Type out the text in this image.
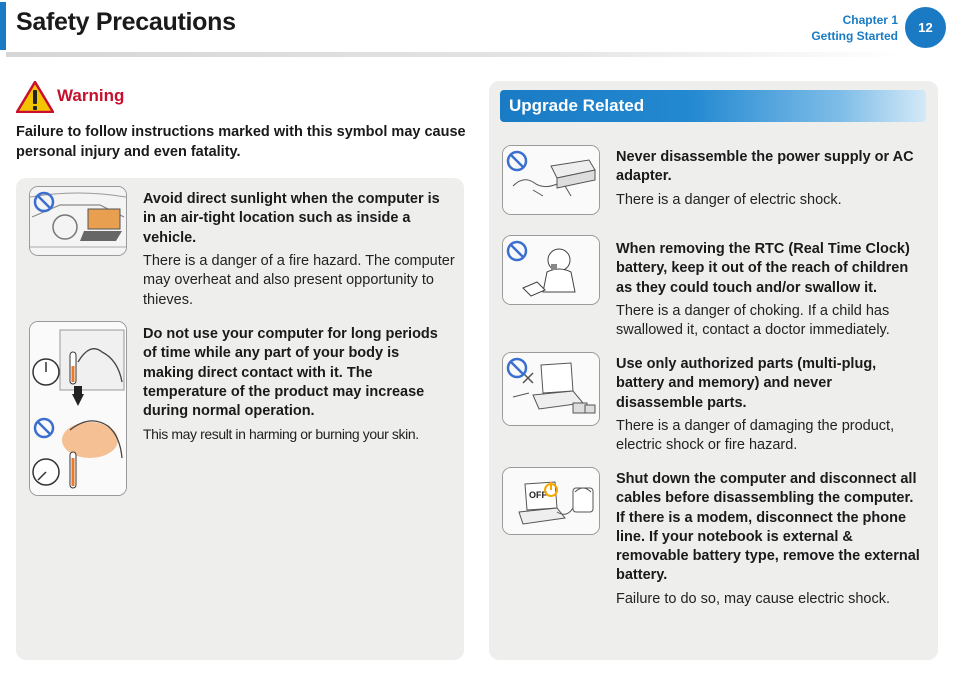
Safety Precautions	Chapter 1
Getting Started
12
Warning
Failure to follow instructions marked with this symbol may cause personal injury and even fatality.
Avoid direct sunlight when the computer is in an air-tight location such as inside a vehicle.
There is a danger of a fire hazard. The computer may overheat and also present opportunity to thieves.
Do not use your computer for long periods of time while any part of your body is making direct contact with it. The temperature of the product may increase during normal operation.
This may result in harming or burning your skin.
Upgrade Related
Never disassemble the power supply or AC adapter.
There is a danger of electric shock.
When removing the RTC (Real Time Clock) battery, keep it out of the reach of children as they could touch and/or swallow it.
There is a danger of choking. If a child has swallowed it, contact a doctor immediately.
Use only authorized parts (multi-plug, battery and memory) and never disassemble parts.
There is a danger of damaging the product, electric shock or fire hazard.
OFF
Shut down the computer and disconnect all cables before disassembling the computer. If there is a modem, disconnect the phone line. If your notebook is external & removable battery type, remove the external battery.
Failure to do so, may cause electric shock.
